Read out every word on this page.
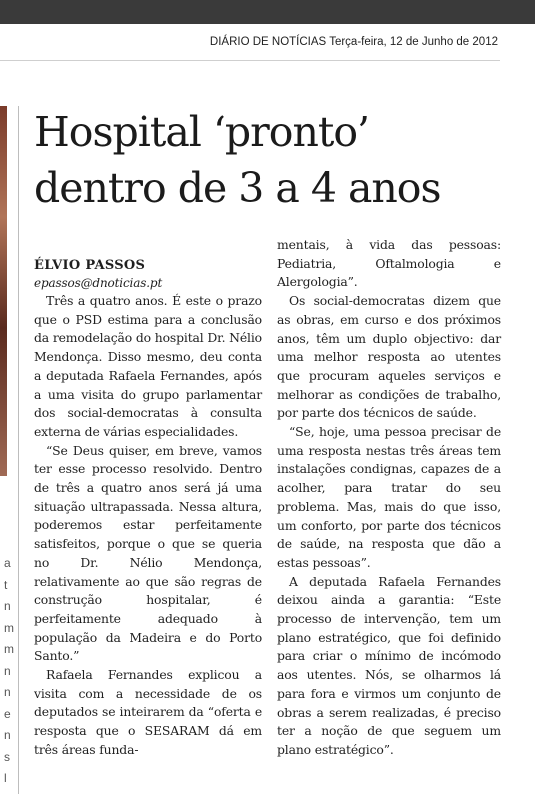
DIÁRIO DE NOTÍCIAS Terça-feira, 12 de Junho de 2012
a
t
n
m
m
n
n
e
n
s
l
Hospital ‘pronto’
dentro de 3 a 4 anos

ÉLVIO PASSOS

epassos@dnoticias.pt

Três a quatro anos. É este o prazo que o PSD estima para a conclusão da remodelação do hospital Dr. Nélio Mendonça. Disso mesmo, deu conta a deputada Rafaela Fernandes, após a uma visita do grupo parlamentar dos social-democratas à consulta externa de várias especialidades.

“Se Deus quiser, em breve, vamos ter esse processo resolvido. Dentro de três a quatro anos será já uma situação ultrapassada. Nessa altura, poderemos estar perfeitamente satisfeitos, porque o que se queria no Dr. Nélio Mendonça, relativamente ao que são regras de construção hospitalar, é perfeitamente adequado à população da Madeira e do Porto Santo.”

Rafaela Fernandes explicou a visita com a necessidade de os deputados se inteirarem da “oferta e resposta que o SESARAM dá em três áreas funda-

mentais, à vida das pessoas: Pediatria, Oftalmologia e Alergologia”.

Os social-democratas dizem que as obras, em curso e dos próximos anos, têm um duplo objectivo: dar uma melhor resposta ao utentes que procuram aqueles serviços e melhorar as condições de trabalho, por parte dos técnicos de saúde.

“Se, hoje, uma pessoa precisar de uma resposta nestas três áreas tem instalações condignas, capazes de a acolher, para tratar do seu problema. Mas, mais do que isso, um conforto, por parte dos técnicos de saúde, na resposta que dão a estas pessoas”.

A deputada Rafaela Fernandes deixou ainda a garantia: “Este processo de intervenção, tem um plano estratégico, que foi definido para criar o mínimo de incómodo aos utentes. Nós, se olharmos lá para fora e virmos um conjunto de obras a serem realizadas, é preciso ter a noção de que seguem um plano estratégico”.
